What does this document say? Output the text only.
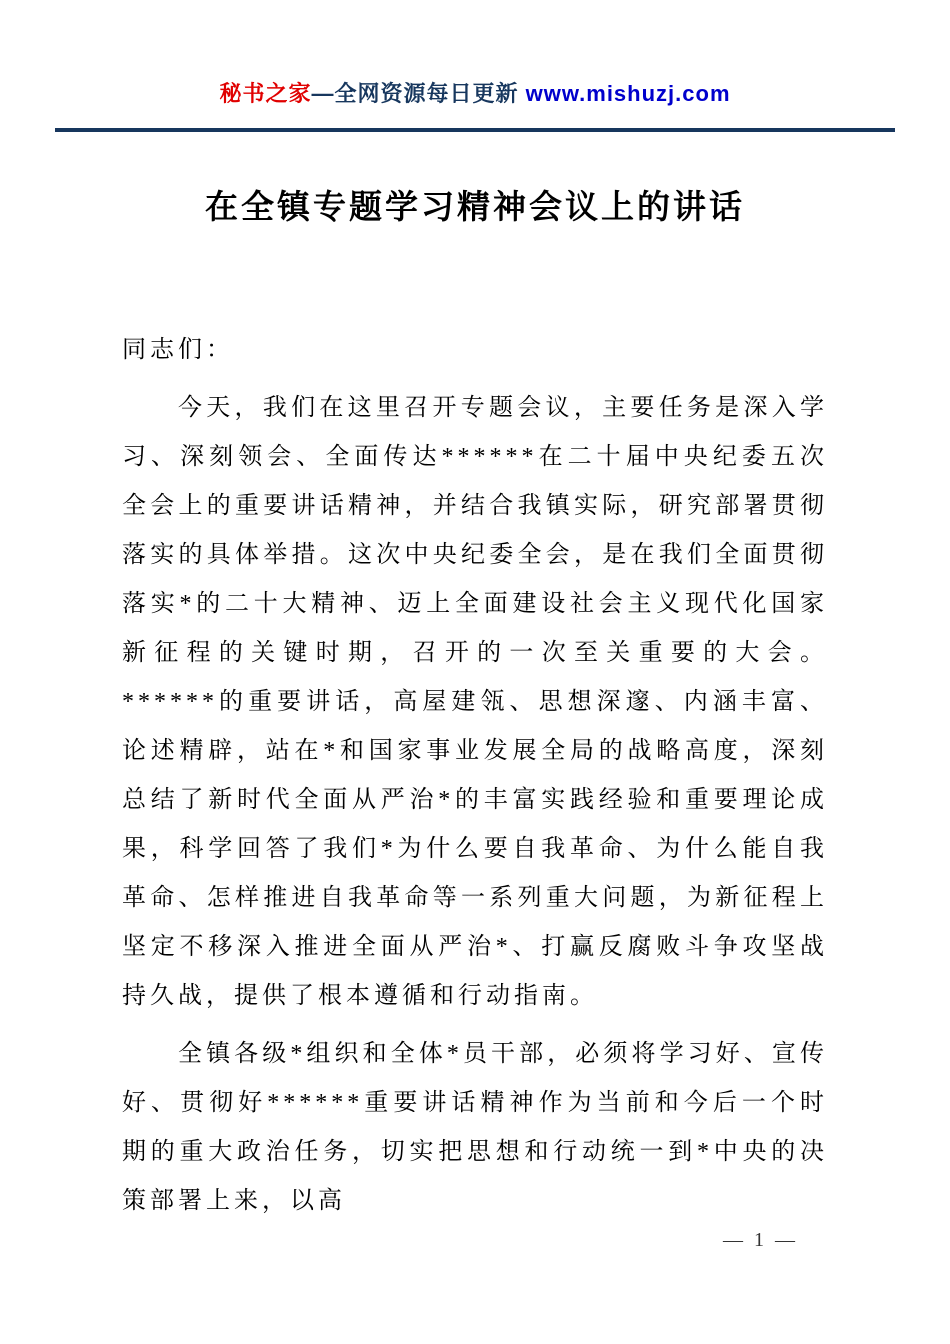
秘书之家—全网资源每日更新 www.mishuzj.com
在全镇专题学习精神会议上的讲话

同志们：

今天，我们在这里召开专题会议，主要任务是深入学习、深刻领会、全面传达******在二十届中央纪委五次全会上的重要讲话精神，并结合我镇实际，研究部署贯彻落实的具体举措。这次中央纪委全会，是在我们全面贯彻落实*的二十大精神、迈上全面建设社会主义现代化国家新征程的关键时期，召开的一次至关重要的大会。******的重要讲话，高屋建瓴、思想深邃、内涵丰富、论述精辟，站在*和国家事业发展全局的战略高度，深刻总结了新时代全面从严治*的丰富实践经验和重要理论成果，科学回答了我们*为什么要自我革命、为什么能自我革命、怎样推进自我革命等一系列重大问题，为新征程上坚定不移深入推进全面从严治*、打赢反腐败斗争攻坚战持久战，提供了根本遵循和行动指南。

全镇各级*组织和全体*员干部，必须将学习好、宣传好、贯彻好******重要讲话精神作为当前和今后一个时期的重大政治任务，切实把思想和行动统一到*中央的决策部署上来，以高

— 1 —
